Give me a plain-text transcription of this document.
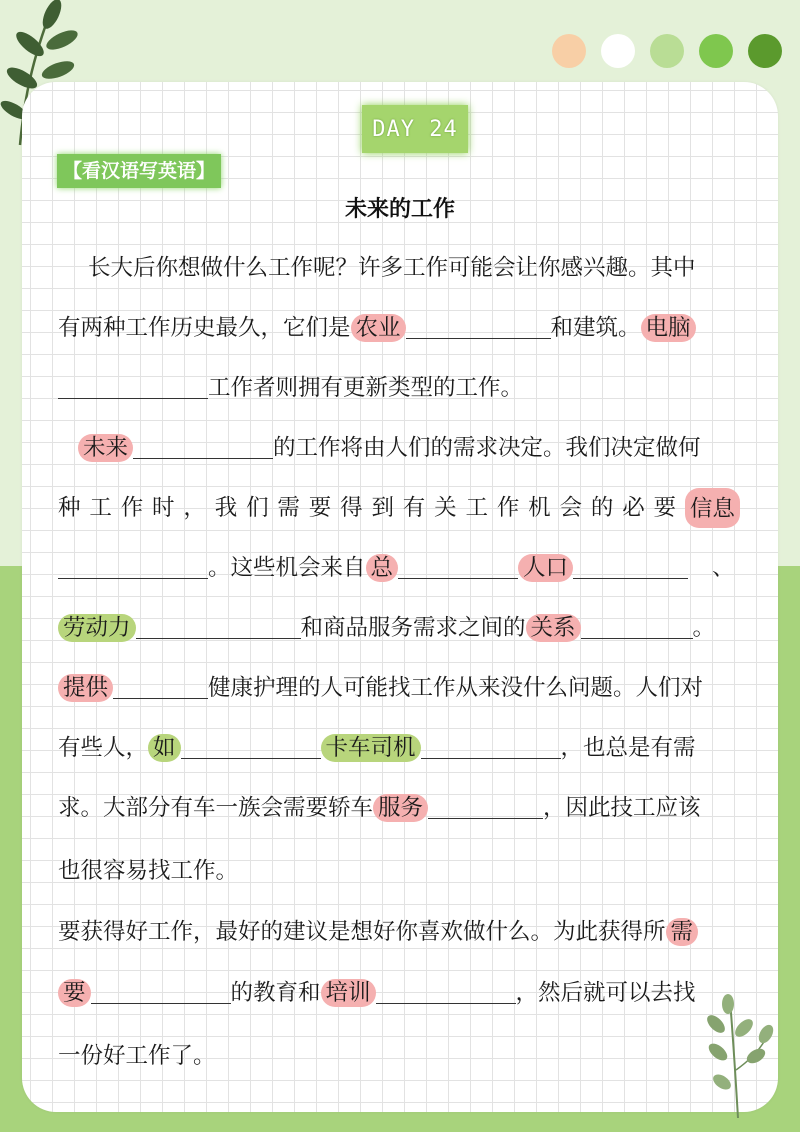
DAY 24
【看汉语写英语】
未来的工作
长大后你想做什么工作呢？许多工作可能会让你感兴趣。其中
有两种工作历史最久，它们是 农业	和建筑。 电脑
工作者则拥有更新类型的工作。
未来	的工作将由人们的需求决定。我们决定做何
种 工 作 时 ， 我 们 需 要 得 到 有 关 工 作 机 会 的 必 要 信息
。这些机会来自 总	人口	、
劳动力	和商品服务需求之间的 关系	。
提供	健康护理的人可能找工作从来没什么问题。人们对
有些人， 如	卡车司机	，也总是有需
求。大部分有车一族会需要轿车 服务	，因此技工应该
也很容易找工作。
要获得好工作，最好的建议是想好你喜欢做什么。为此获得所 需
要	的教育和 培训	，然后就可以去找
一份好工作了。
